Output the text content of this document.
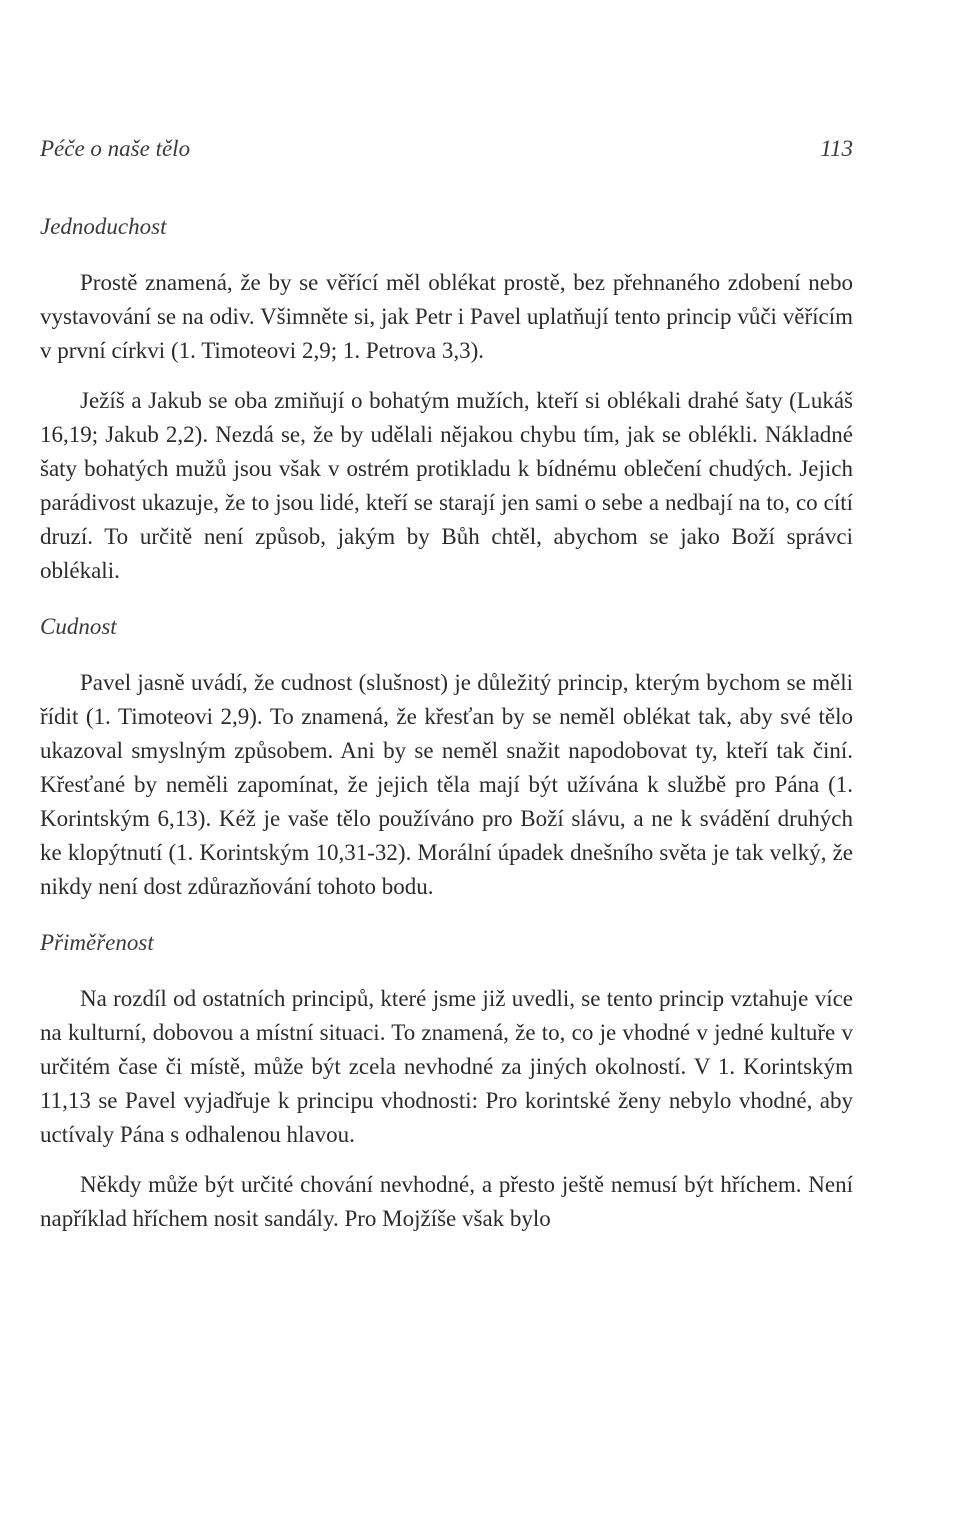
Péče o naše tělo	113
Jednoduchost

Prostě znamená, že by se věřící měl oblékat prostě, bez přehnaného zdobení nebo vystavování se na odiv. Všimněte si, jak Petr i Pavel uplatňují tento princip vůči věřícím v první církvi (1. Timoteovi 2,9; 1. Petrova 3,3).

Ježíš a Jakub se oba zmiňují o bohatým mužích, kteří si oblékali drahé šaty (Lukáš 16,19; Jakub 2,2). Nezdá se, že by udělali nějakou chybu tím, jak se oblékli. Nákladné šaty bohatých mužů jsou však v ostrém protikladu k bídnému oblečení chudých. Jejich parádivost ukazuje, že to jsou lidé, kteří se starají jen sami o sebe a nedbají na to, co cítí druzí. To určitě není způsob, jakým by Bůh chtěl, abychom se jako Boží správci oblékali.

Cudnost

Pavel jasně uvádí, že cudnost (slušnost) je důležitý princip, kterým bychom se měli řídit (1. Timoteovi 2,9). To znamená, že křesťan by se neměl oblékat tak, aby své tělo ukazoval smyslným způsobem. Ani by se neměl snažit napodobovat ty, kteří tak činí. Křesťané by neměli zapomínat, že jejich těla mají být užívána k službě pro Pána (1. Korintským 6,13). Kéž je vaše tělo používáno pro Boží slávu, a ne k svádění druhých ke klopýtnutí (1. Korintským 10,31-32). Morální úpadek dnešního světa je tak velký, že nikdy není dost zdůrazňování tohoto bodu.

Přiměřenost

Na rozdíl od ostatních principů, které jsme již uvedli, se tento princip vztahuje více na kulturní, dobovou a místní situaci. To znamená, že to, co je vhodné v jedné kultuře v určitém čase či místě, může být zcela nevhodné za jiných okolností. V 1. Korintským 11,13 se Pavel vyjadřuje k principu vhodnosti: Pro korintské ženy nebylo vhodné, aby uctívaly Pána s odhalenou hlavou.

Někdy může být určité chování nevhodné, a přesto ještě nemusí být hříchem. Není například hříchem nosit sandály. Pro Mojžíše však bylo
